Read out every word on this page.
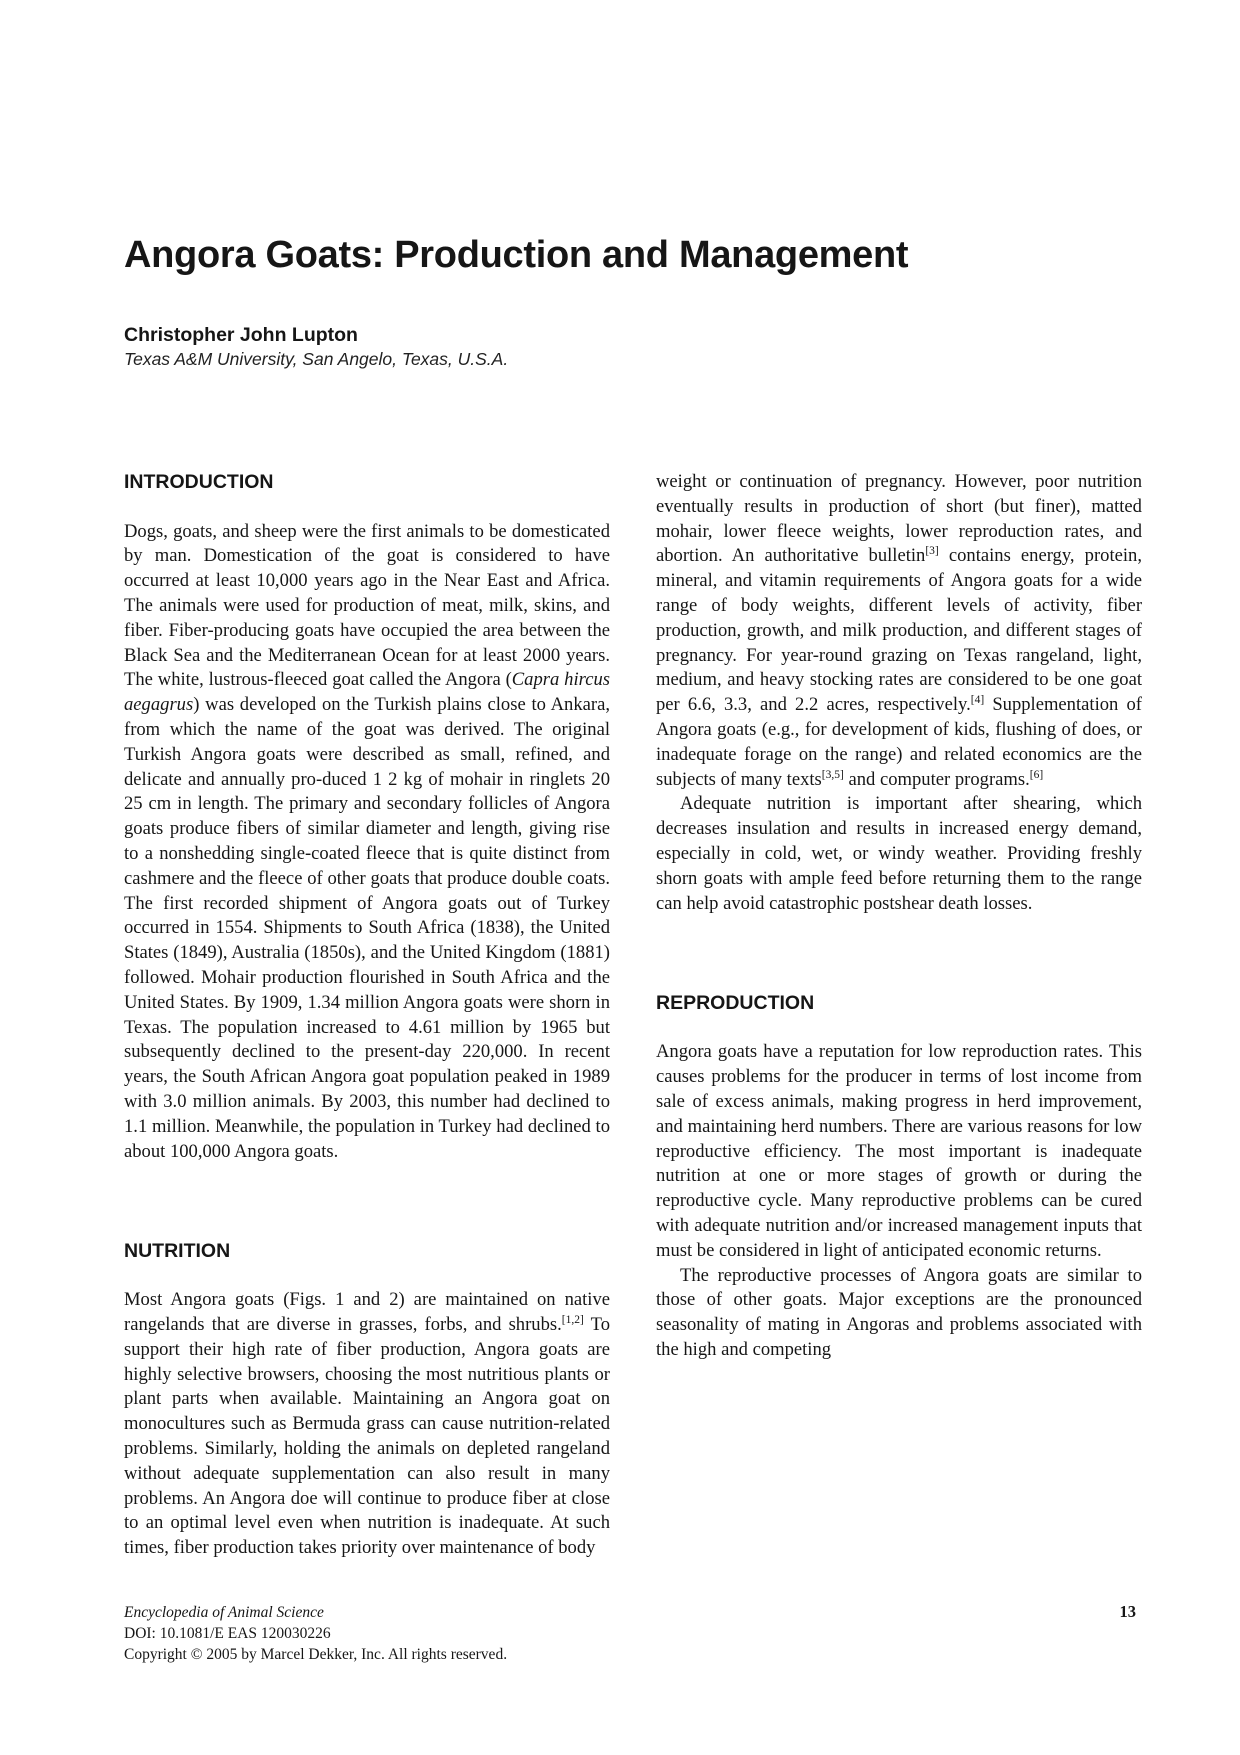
Angora Goats: Production and Management
Christopher John Lupton
Texas A&M University, San Angelo, Texas, U.S.A.
INTRODUCTION

Dogs, goats, and sheep were the first animals to be domesticated by man. Domestication of the goat is considered to have occurred at least 10,000 years ago in the Near East and Africa. The animals were used for production of meat, milk, skins, and fiber. Fiber-producing goats have occupied the area between the Black Sea and the Mediterranean Ocean for at least 2000 years. The white, lustrous-fleeced goat called the Angora (Capra hircus aegagrus) was developed on the Turkish plains close to Ankara, from which the name of the goat was derived. The original Turkish Angora goats were described as small, refined, and delicate and annually pro-duced 1 2 kg of mohair in ringlets 20 25 cm in length. The primary and secondary follicles of Angora goats produce fibers of similar diameter and length, giving rise to a nonshedding single-coated fleece that is quite distinct from cashmere and the fleece of other goats that produce double coats. The first recorded shipment of Angora goats out of Turkey occurred in 1554. Shipments to South Africa (1838), the United States (1849), Australia (1850s), and the United Kingdom (1881) followed. Mohair production flourished in South Africa and the United States. By 1909, 1.34 million Angora goats were shorn in Texas. The population increased to 4.61 million by 1965 but subsequently declined to the present-day 220,000. In recent years, the South African Angora goat population peaked in 1989 with 3.0 million animals. By 2003, this number had declined to 1.1 million. Meanwhile, the population in Turkey had declined to about 100,000 Angora goats.

NUTRITION

Most Angora goats (Figs. 1 and 2) are maintained on native rangelands that are diverse in grasses, forbs, and shrubs.[1,2] To support their high rate of fiber production, Angora goats are highly selective browsers, choosing the most nutritious plants or plant parts when available. Maintaining an Angora goat on monocultures such as Bermuda grass can cause nutrition-related problems. Similarly, holding the animals on depleted rangeland without adequate supplementation can also result in many problems. An Angora doe will continue to produce fiber at close to an optimal level even when nutrition is inadequate. At such times, fiber production takes priority over maintenance of body

weight or continuation of pregnancy. However, poor nutrition eventually results in production of short (but finer), matted mohair, lower fleece weights, lower reproduction rates, and abortion. An authoritative bulletin[3] contains energy, protein, mineral, and vitamin requirements of Angora goats for a wide range of body weights, different levels of activity, fiber production, growth, and milk production, and different stages of pregnancy. For year-round grazing on Texas rangeland, light, medium, and heavy stocking rates are considered to be one goat per 6.6, 3.3, and 2.2 acres, respectively.[4] Supplementation of Angora goats (e.g., for development of kids, flushing of does, or inadequate forage on the range) and related economics are the subjects of many texts[3,5] and computer programs.[6]

Adequate nutrition is important after shearing, which decreases insulation and results in increased energy demand, especially in cold, wet, or windy weather. Providing freshly shorn goats with ample feed before returning them to the range can help avoid catastrophic postshear death losses.

REPRODUCTION

Angora goats have a reputation for low reproduction rates. This causes problems for the producer in terms of lost income from sale of excess animals, making progress in herd improvement, and maintaining herd numbers. There are various reasons for low reproductive efficiency. The most important is inadequate nutrition at one or more stages of growth or during the reproductive cycle. Many reproductive problems can be cured with adequate nutrition and/or increased management inputs that must be considered in light of anticipated economic returns.

The reproductive processes of Angora goats are similar to those of other goats. Major exceptions are the pronounced seasonality of mating in Angoras and problems associated with the high and competing

Encyclopedia of Animal Science
DOI: 10.1081/E EAS 120030226
Copyright © 2005 by Marcel Dekker, Inc. All rights reserved.
13
